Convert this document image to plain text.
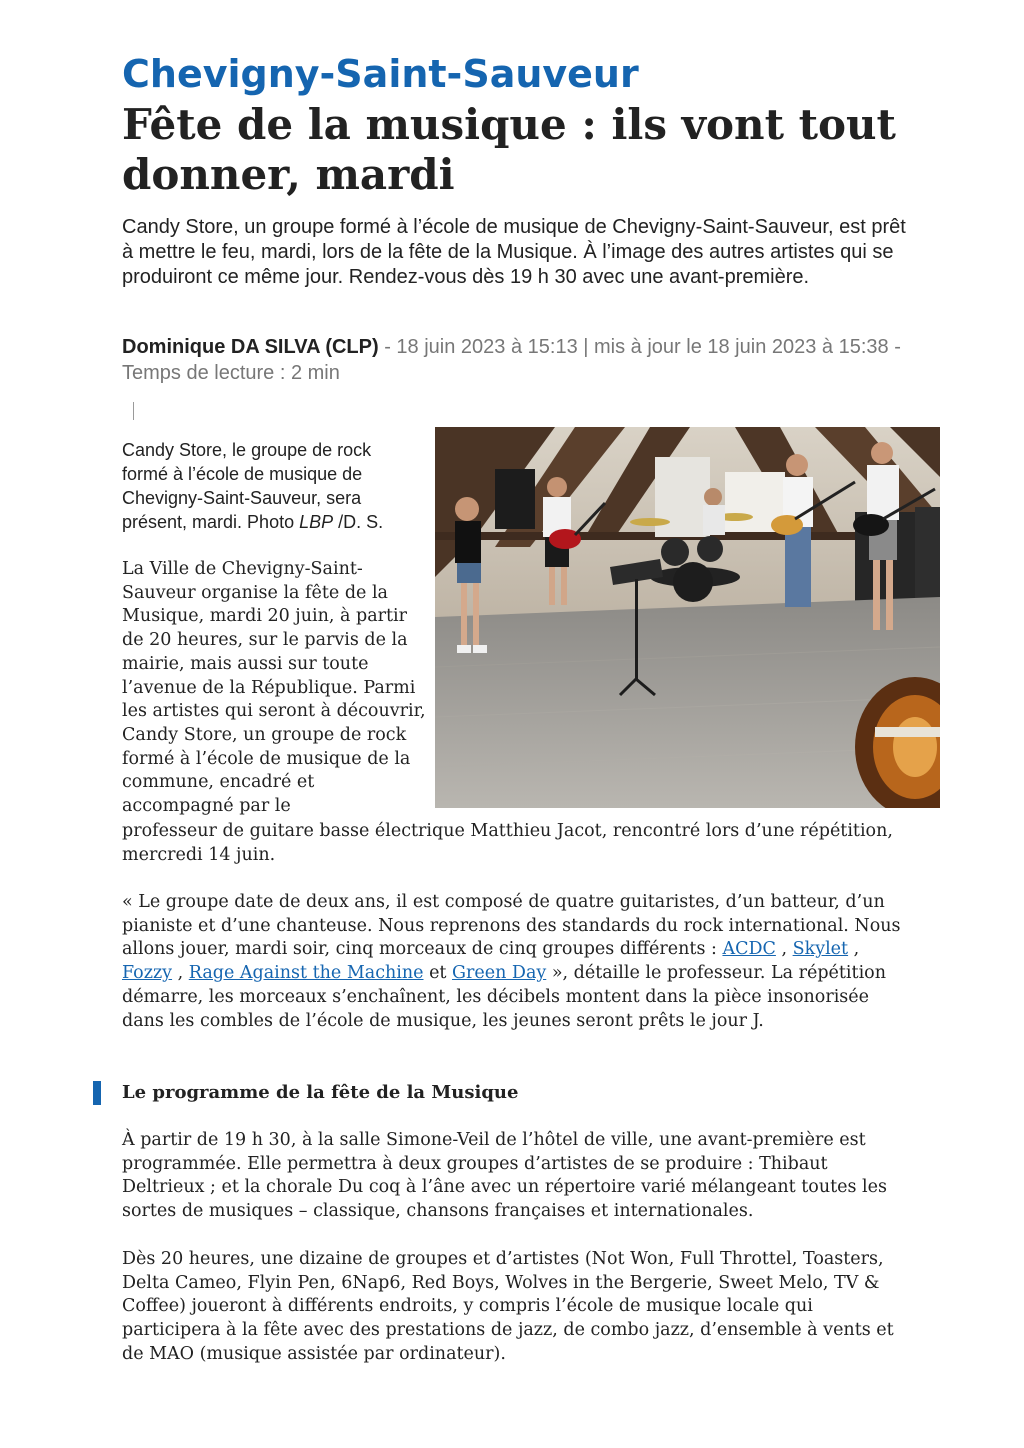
Chevigny-Saint-Sauveur
Fête de la musique : ils vont tout donner, mardi

Candy Store, un groupe formé à l’école de musique de Chevigny-Saint-Sauveur, est prêt à mettre le feu, mardi, lors de la fête de la Musique. À l’image des autres artistes qui se produiront ce même jour. Rendez-vous dès 19 h 30 avec une avant-première.

Dominique DA SILVA (CLP) - 18 juin 2023 à 15:13 | mis à jour le 18 juin 2023 à 15:38 - Temps de lecture : 2 min

Candy Store, le groupe de rock formé à l’école de musique de Chevigny-Saint-Sauveur, sera présent, mardi. Photo LBP /D. S.

La Ville de Chevigny-Saint-Sauveur organise la fête de la Musique, mardi 20 juin, à partir de 20 heures, sur le parvis de la mairie, mais aussi sur toute l’avenue de la République. Parmi les artistes qui seront à découvrir, Candy Store, un groupe de rock formé à l’école de musique de la commune, encadré et accompagné par le

professeur de guitare basse électrique Matthieu Jacot, rencontré lors d’une répétition, mercredi 14 juin.

« Le groupe date de deux ans, il est composé de quatre guitaristes, d’un batteur, d’un pianiste et d’une chanteuse. Nous reprenons des standards du rock international. Nous allons jouer, mardi soir, cinq morceaux de cinq groupes différents : ACDC , Skylet , Fozzy , Rage Against the Machine et Green Day », détaille le professeur. La répétition démarre, les morceaux s’enchaînent, les décibels montent dans la pièce insonorisée dans les combles de l’école de musique, les jeunes seront prêts le jour J.

Le programme de la fête de la Musique

À partir de 19 h 30, à la salle Simone-Veil de l’hôtel de ville, une avant-première est programmée. Elle permettra à deux groupes d’artistes de se produire : Thibaut Deltrieux ; et la chorale Du coq à l’âne avec un répertoire varié mélangeant toutes les sortes de musiques – classique, chansons françaises et internationales.

Dès 20 heures, une dizaine de groupes et d’artistes (Not Won, Full Throttel, Toasters, Delta Cameo, Flyin Pen, 6Nap6, Red Boys, Wolves in the Bergerie, Sweet Melo, TV & Coffee) joueront à différents endroits, y compris l’école de musique locale qui participera à la fête avec des prestations de jazz, de combo jazz, d’ensemble à vents et de MAO (musique assistée par ordinateur).
